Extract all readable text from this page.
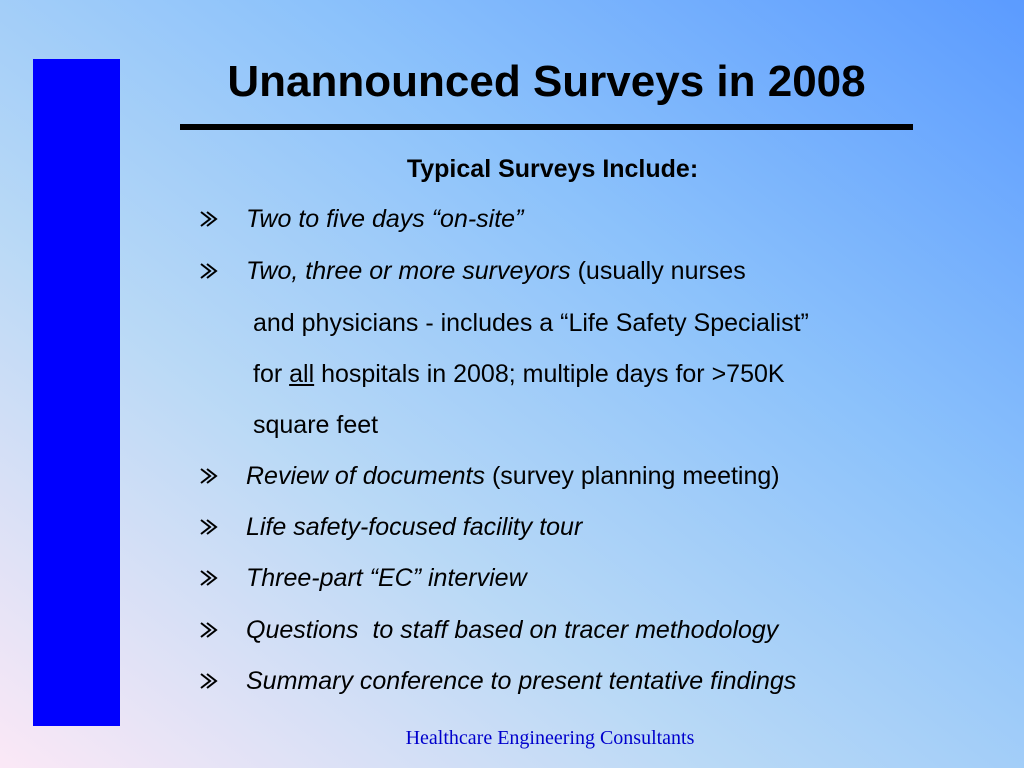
Unannounced Surveys in 2008
Typical Surveys Include:
Two to five days “on-site”
Two, three or more surveyors (usually nurses
and physicians - includes a “Life Safety Specialist”
for all hospitals in 2008; multiple days for >750K
square feet
Review of documents (survey planning meeting)
Life safety-focused facility tour
Three-part “EC” interview
Questions  to staff based on tracer methodology
Summary conference to present tentative findings
Healthcare Engineering Consultants
